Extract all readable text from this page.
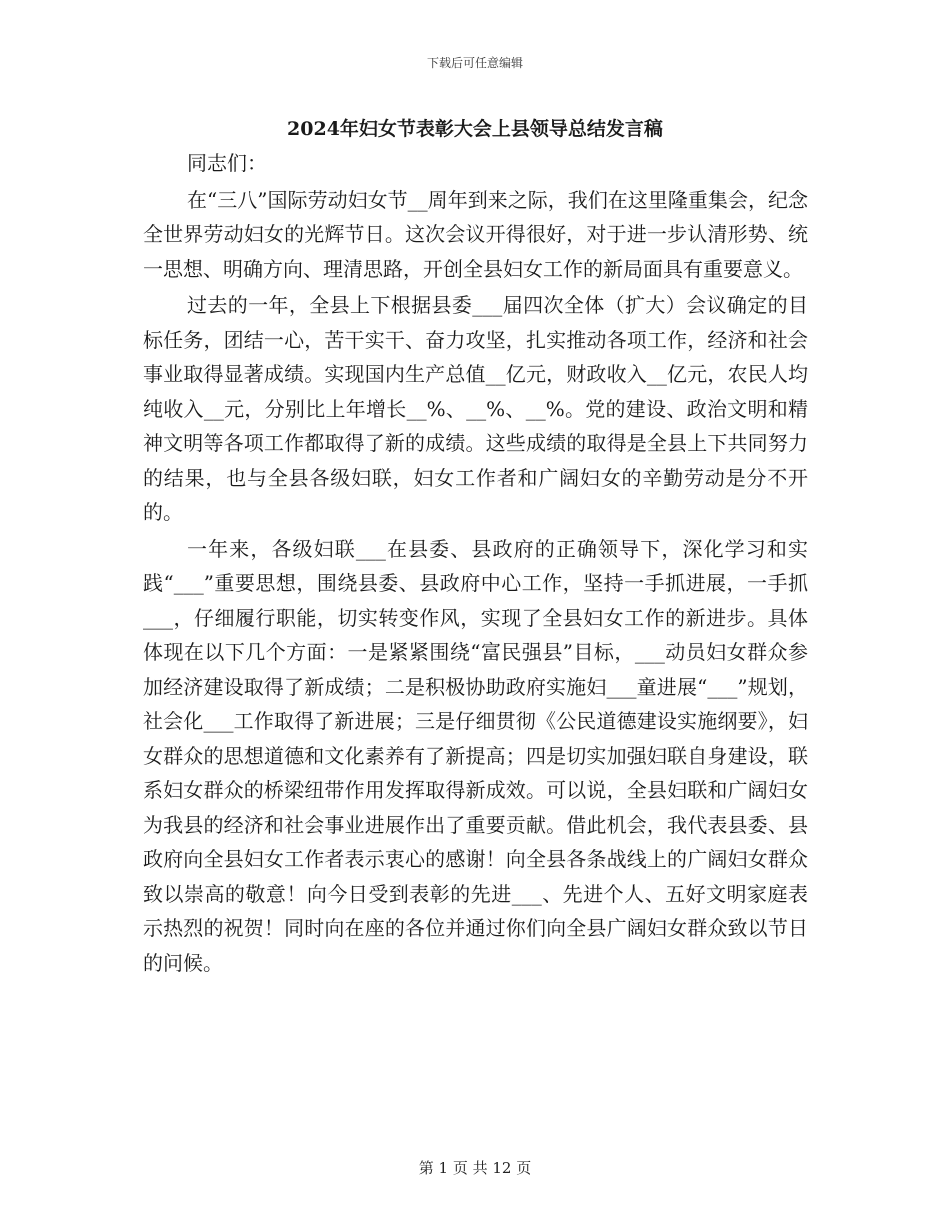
下载后可任意编辑
2024年妇女节表彰大会上县领导总结发言稿

同志们：

在“三八”国际劳动妇女节__周年到来之际，我们在这里隆重集会，纪念全世界劳动妇女的光辉节日。这次会议开得很好，对于进一步认清形势、统一思想、明确方向、理清思路，开创全县妇女工作的新局面具有重要意义。

过去的一年，全县上下根据县委___届四次全体（扩大）会议确定的目标任务，团结一心，苦干实干、奋力攻坚，扎实推动各项工作，经济和社会事业取得显著成绩。实现国内生产总值__亿元，财政收入__亿元，农民人均纯收入__元，分别比上年增长__%、__%、__%。党的建设、政治文明和精神文明等各项工作都取得了新的成绩。这些成绩的取得是全县上下共同努力的结果，也与全县各级妇联，妇女工作者和广阔妇女的辛勤劳动是分不开的。

一年来，各级妇联___在县委、县政府的正确领导下，深化学习和实践“___”重要思想，围绕县委、县政府中心工作，坚持一手抓进展，一手抓___，仔细履行职能，切实转变作风，实现了全县妇女工作的新进步。具体体现在以下几个方面：一是紧紧围绕“富民强县”目标，___动员妇女群众参加经济建设取得了新成绩；二是积极协助政府实施妇___童进展“___”规划，社会化___工作取得了新进展；三是仔细贯彻《公民道德建设实施纲要》，妇女群众的思想道德和文化素养有了新提高；四是切实加强妇联自身建设，联系妇女群众的桥梁纽带作用发挥取得新成效。可以说，全县妇联和广阔妇女为我县的经济和社会事业进展作出了重要贡献。借此机会，我代表县委、县政府向全县妇女工作者表示衷心的感谢！向全县各条战线上的广阔妇女群众致以崇高的敬意！向今日受到表彰的先进___、先进个人、五好文明家庭表示热烈的祝贺！同时向在座的各位并通过你们向全县广阔妇女群众致以节日的问候。

第 1 页 共 12 页
